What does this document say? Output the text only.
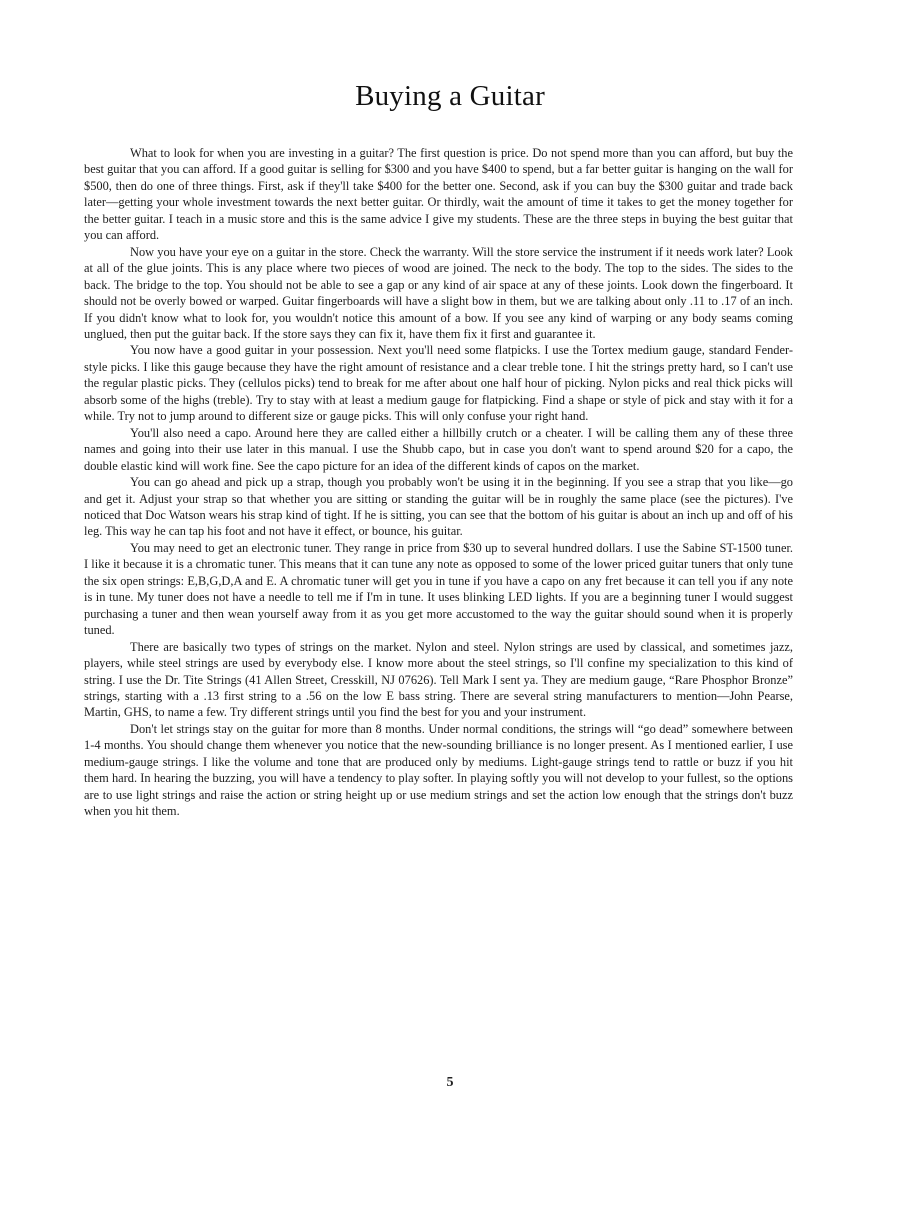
Buying a Guitar

What to look for when you are investing in a guitar? The first question is price. Do not spend more than you can afford, but buy the best guitar that you can afford. If a good guitar is selling for $300 and you have $400 to spend, but a far better guitar is hanging on the wall for $500, then do one of three things. First, ask if they'll take $400 for the better one. Second, ask if you can buy the $300 guitar and trade back later—getting your whole investment towards the next better guitar. Or thirdly, wait the amount of time it takes to get the money together for the better guitar. I teach in a music store and this is the same advice I give my students. These are the three steps in buying the best guitar that you can afford.

Now you have your eye on a guitar in the store. Check the warranty. Will the store service the instrument if it needs work later? Look at all of the glue joints. This is any place where two pieces of wood are joined. The neck to the body. The top to the sides. The sides to the back. The bridge to the top. You should not be able to see a gap or any kind of air space at any of these joints. Look down the fingerboard. It should not be overly bowed or warped. Guitar fingerboards will have a slight bow in them, but we are talking about only .11 to .17 of an inch. If you didn't know what to look for, you wouldn't notice this amount of a bow. If you see any kind of warping or any body seams coming unglued, then put the guitar back. If the store says they can fix it, have them fix it first and guarantee it.

You now have a good guitar in your possession. Next you'll need some flatpicks. I use the Tortex medium gauge, standard Fender-style picks. I like this gauge because they have the right amount of resistance and a clear treble tone. I hit the strings pretty hard, so I can't use the regular plastic picks. They (cellulos picks) tend to break for me after about one half hour of picking. Nylon picks and real thick picks will absorb some of the highs (treble). Try to stay with at least a medium gauge for flatpicking. Find a shape or style of pick and stay with it for a while. Try not to jump around to different size or gauge picks. This will only confuse your right hand.

You'll also need a capo. Around here they are called either a hillbilly crutch or a cheater. I will be calling them any of these three names and going into their use later in this manual. I use the Shubb capo, but in case you don't want to spend around $20 for a capo, the double elastic kind will work fine. See the capo picture for an idea of the different kinds of capos on the market.

You can go ahead and pick up a strap, though you probably won't be using it in the beginning. If you see a strap that you like—go and get it. Adjust your strap so that whether you are sitting or standing the guitar will be in roughly the same place (see the pictures). I've noticed that Doc Watson wears his strap kind of tight. If he is sitting, you can see that the bottom of his guitar is about an inch up and off of his leg. This way he can tap his foot and not have it effect, or bounce, his guitar.

You may need to get an electronic tuner. They range in price from $30 up to several hundred dollars. I use the Sabine ST-1500 tuner. I like it because it is a chromatic tuner. This means that it can tune any note as opposed to some of the lower priced guitar tuners that only tune the six open strings: E,B,G,D,A and E. A chromatic tuner will get you in tune if you have a capo on any fret because it can tell you if any note is in tune. My tuner does not have a needle to tell me if I'm in tune. It uses blinking LED lights. If you are a beginning tuner I would suggest purchasing a tuner and then wean yourself away from it as you get more accustomed to the way the guitar should sound when it is properly tuned.

There are basically two types of strings on the market. Nylon and steel. Nylon strings are used by classical, and sometimes jazz, players, while steel strings are used by everybody else. I know more about the steel strings, so I'll confine my specialization to this kind of string. I use the Dr. Tite Strings (41 Allen Street, Cresskill, NJ 07626). Tell Mark I sent ya. They are medium gauge, “Rare Phosphor Bronze” strings, starting with a .13 first string to a .56 on the low E bass string. There are several string manufacturers to mention—John Pearse, Martin, GHS, to name a few. Try different strings until you find the best for you and your instrument.

Don't let strings stay on the guitar for more than 8 months. Under normal conditions, the strings will “go dead” somewhere between 1-4 months. You should change them whenever you notice that the new-sounding brilliance is no longer present. As I mentioned earlier, I use medium-gauge strings. I like the volume and tone that are produced only by mediums. Light-gauge strings tend to rattle or buzz if you hit them hard. In hearing the buzzing, you will have a tendency to play softer. In playing softly you will not develop to your fullest, so the options are to use light strings and raise the action or string height up or use medium strings and set the action low enough that the strings don't buzz when you hit them.

5
